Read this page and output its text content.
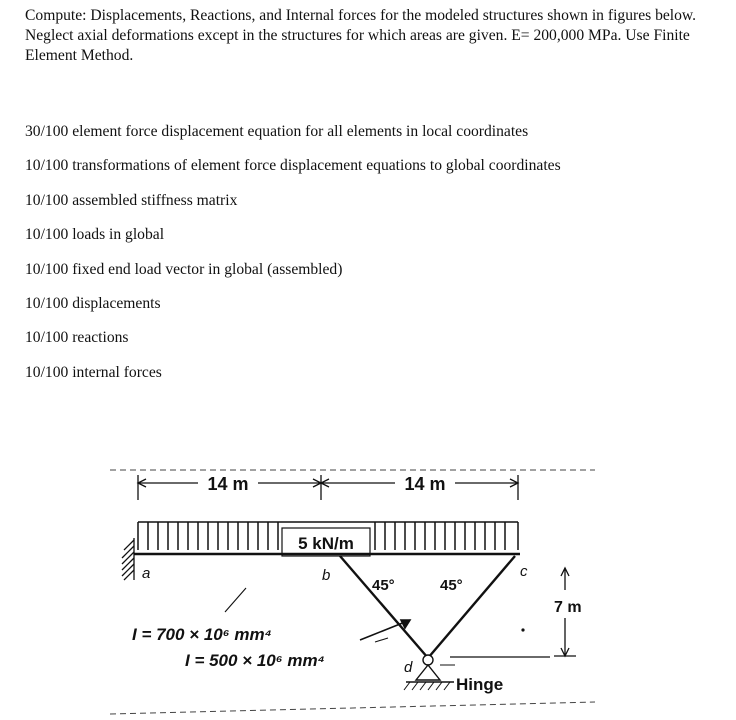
Compute: Displacements, Reactions, and Internal forces for the modeled structures shown in figures below. Neglect axial deformations except in the structures for which areas are given. E= 200,000 MPa. Use Finite Element Method.

30/100 element force displacement equation for all elements in local coordinates
10/100 transformations of element force displacement equations to global coordinates
10/100 assembled stiffness matrix
10/100 loads in global
10/100 fixed end load vector in global (assembled)
10/100 displacements
10/100 reactions
10/100 internal forces
14 m	14 m
5 kN/m
a
45°	45°
b	c
d
Hinge
7 m
I = 700 × 10⁶ mm⁴
I = 500 × 10⁶ mm⁴
